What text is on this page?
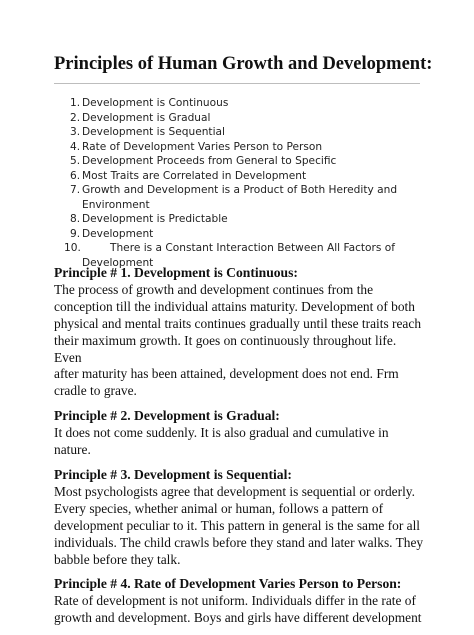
Principles of Human Growth and Development:
1. Development is Continuous
2. Development is Gradual
3. Development is Sequential
4. Rate of Development Varies Person to Person
5. Development Proceeds from General to Specific
6. Most Traits are Correlated in Development
7. Growth and Development is a Product of Both Heredity and
Environment
8. Development is Predictable
9. Development
10.	There is a Constant Interaction Between All Factors of
Development
Principle # 1. Development is Continuous:

The process of growth and development continues from the
conception till the individual attains maturity. Development of both
physical and mental traits continues gradually until these traits reach
their maximum growth. It goes on continuously throughout life. Even
after maturity has been attained, development does not end. Frm
cradle to grave.

Principle # 2. Development is Gradual:

It does not come suddenly. It is also gradual and cumulative in nature.

Principle # 3. Development is Sequential:

Most psychologists agree that development is sequential or orderly.
Every species, whether animal or human, follows a pattern of
development peculiar to it. This pattern in general is the same for all
individuals. The child crawls before they stand and later walks. They
babble before they talk.

Principle # 4. Rate of Development Varies Person to Person:

Rate of development is not uniform. Individuals differ in the rate of
growth and development. Boys and girls have different development
